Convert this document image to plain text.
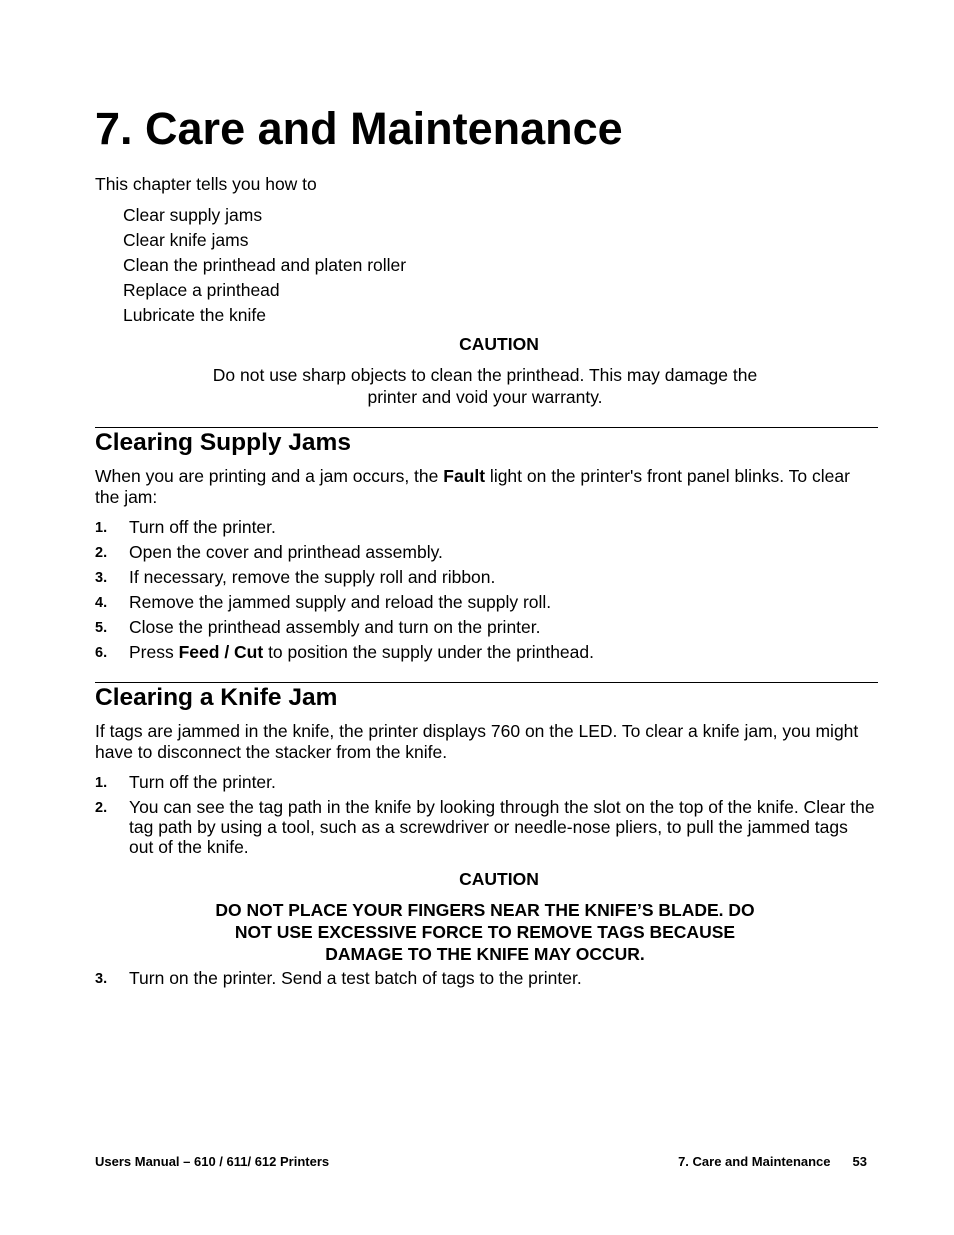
7. Care and Maintenance
This chapter tells you how to
Clear supply jams
Clear knife jams
Clean the printhead and platen roller
Replace a printhead
Lubricate the knife
CAUTION
Do not use sharp objects to clean the printhead. This may damage the
printer and void your warranty.
Clearing Supply Jams
When you are printing and a jam occurs, the Fault light on the printer's front panel blinks. To clear the jam:
1. Turn off the printer.
2. Open the cover and printhead assembly.
3. If necessary, remove the supply roll and ribbon.
4. Remove the jammed supply and reload the supply roll.
5. Close the printhead assembly and turn on the printer.
6. Press Feed / Cut to position the supply under the printhead.
Clearing a Knife Jam
If tags are jammed in the knife, the printer displays 760 on the LED. To clear a knife jam, you might have to disconnect the stacker from the knife.
1. Turn off the printer.
2. You can see the tag path in the knife by looking through the slot on the top of the knife. Clear the tag path by using a tool, such as a screwdriver or needle-nose pliers, to pull the jammed tags out of the knife.
CAUTION
DO NOT PLACE YOUR FINGERS NEAR THE KNIFE’S BLADE. DO
NOT USE EXCESSIVE FORCE TO REMOVE TAGS BECAUSE
DAMAGE TO THE KNIFE MAY OCCUR.
3. Turn on the printer. Send a test batch of tags to the printer.
Users Manual – 610 / 611/ 612 Printers	7. Care and Maintenance 53
